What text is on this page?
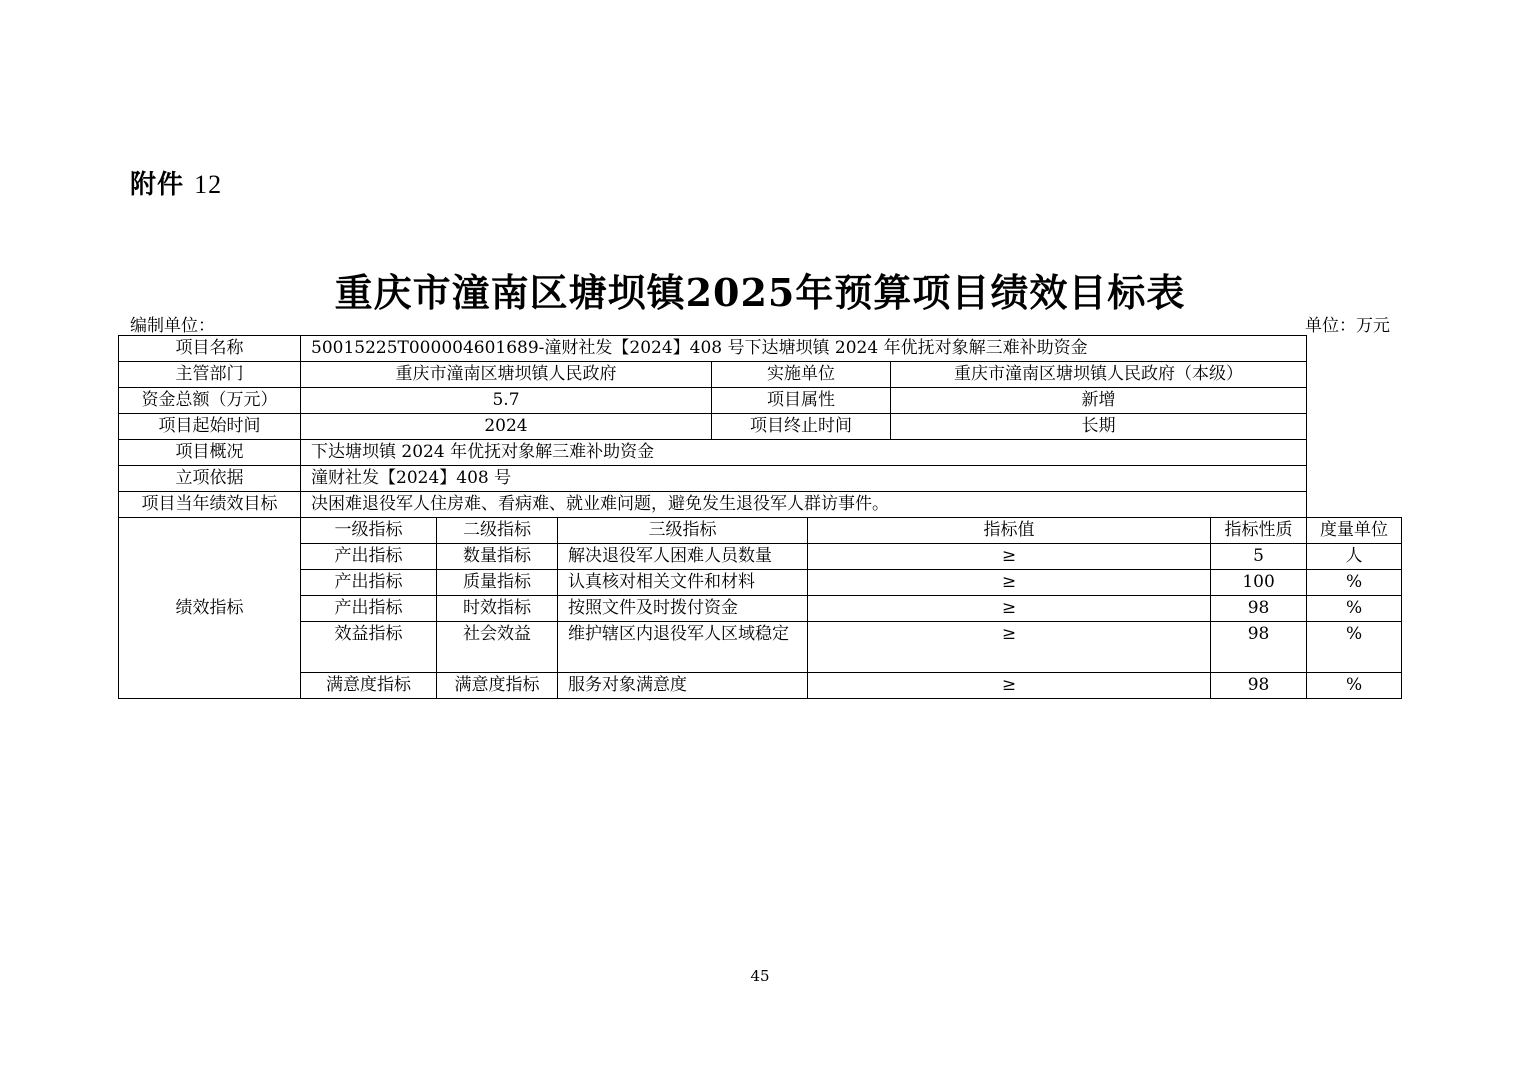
附件 12
重庆市潼南区塘坝镇2025年预算项目绩效目标表
编制单位：	单位：万元
项目名称	50015225T000004601689-潼财社发【2024】408 号下达塘坝镇 2024 年优抚对象解三难补助资金							
主管部门	重庆市潼南区塘坝镇人民政府			实施单位		重庆市潼南区塘坝镇人民政府（本级）		
资金总额（万元）	5.7			项目属性		新增		
项目起始时间	2024			项目终止时间		长期		
项目概况	下达塘坝镇 2024 年优抚对象解三难补助资金							
立项依据	潼财社发【2024】408 号							
项目当年绩效目标	决困难退役军人住房难、看病难、就业难问题，避免发生退役军人群访事件。							
绩效指标	一级指标	二级指标	三级指标		指标值		指标性质	度量单位
	产出指标	数量指标	解决退役军人困难人员数量		≥		5	人
	产出指标	质量指标	认真核对相关文件和材料		≥		100	%
	产出指标	时效指标	按照文件及时拨付资金		≥		98	%
	效益指标	社会效益	维护辖区内退役军人区域稳定		≥		98	%
	满意度指标	满意度指标	服务对象满意度		≥		98	%
45
